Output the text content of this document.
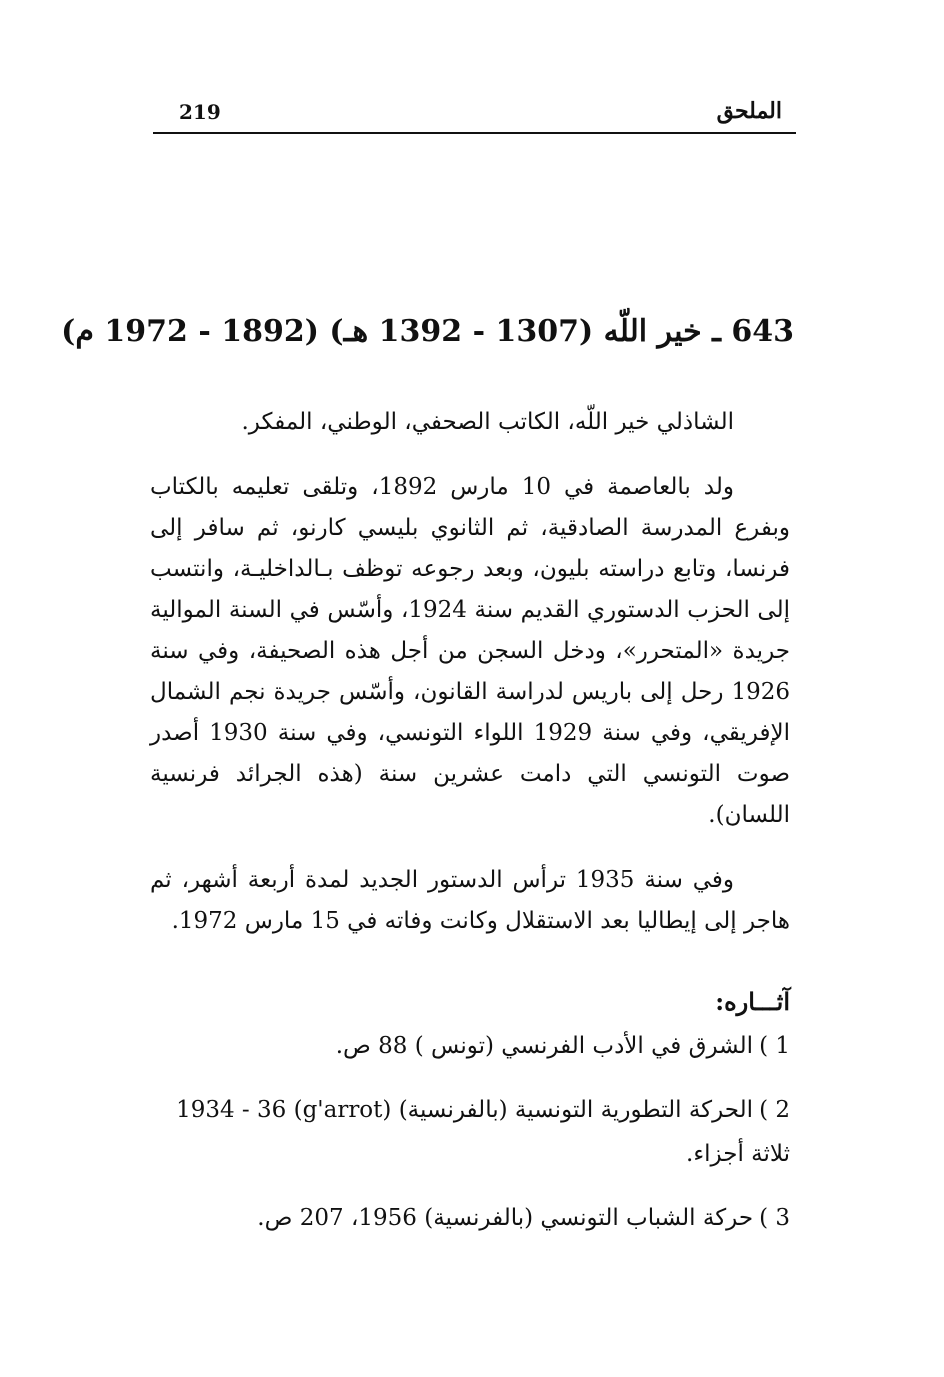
219	الملحق
643 ـ خير اللّه (1307 - 1392 هـ) (1892 - 1972 م)

الشاذلي خير اللّه، الكاتب الصحفي، الوطني، المفكر.

ولد بالعاصمة في 10 مارس 1892، وتلقى تعليمه بالكتاب وبفرع المدرسة الصادقية، ثم الثانوي بليسي كارنو، ثم سافر إلى فرنسا، وتابع دراسته بليون، وبعد رجوعه توظف بـالداخليـة، وانتسب إلى الحزب الدستوري القديم سنة 1924، وأسّس في السنة الموالية جريدة «المتحرر»، ودخل السجن من أجل هذه الصحيفة، وفي سنة 1926 رحل إلى باريس لدراسة القانون، وأسّس جريدة نجم الشمال الإفريقي، وفي سنة 1929 اللواء التونسي، وفي سنة 1930 أصدر صوت التونسي التي دامت عشرين سنة (هذه الجرائد فرنسية اللسان).

وفي سنة 1935 ترأس الدستور الجديد لمدة أربعة أشهر، ثم هاجر إلى إيطاليا بعد الاستقلال وكانت وفاته في 15 مارس 1972.

آثـــاره:

1 )الشرق في الأدب الفرنسي (تونس ) 88 ص.

2 )الحركة التطورية التونسية (بالفرنسية) (g'arrot) 1934 - 36 ثلاثة أجزاء.

3 )حركة الشباب التونسي (بالفرنسية) 1956، 207 ص.
